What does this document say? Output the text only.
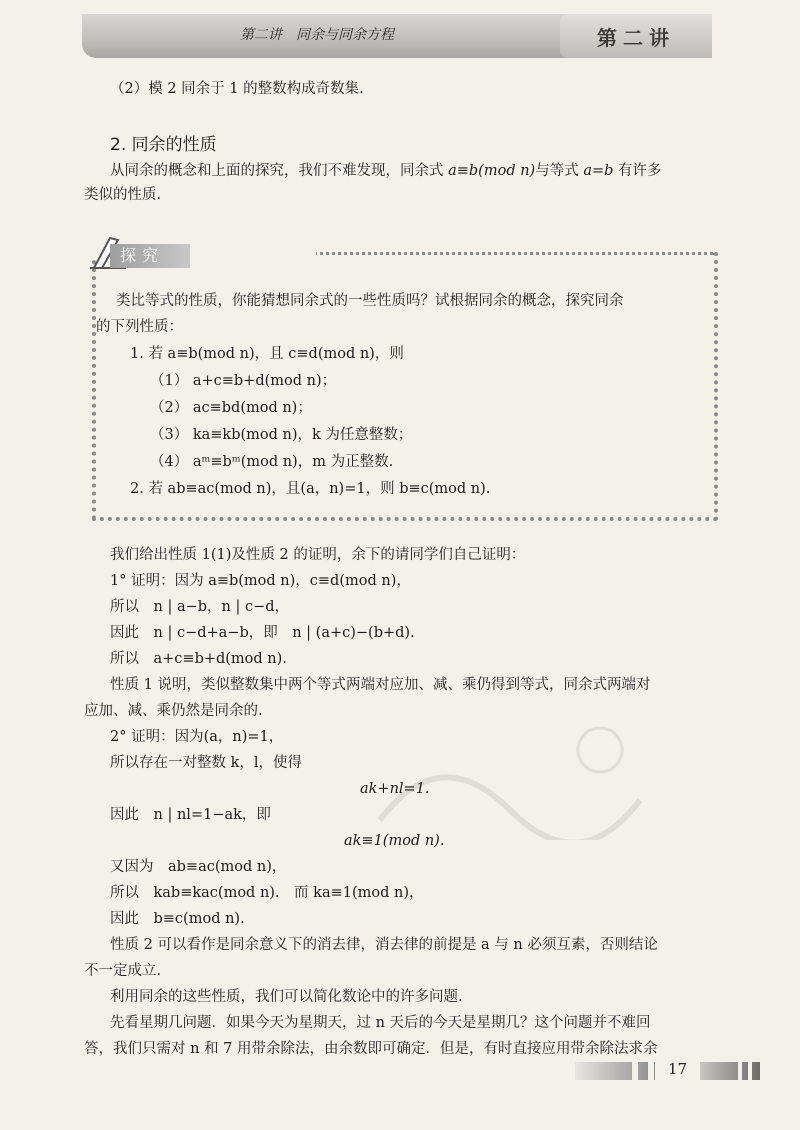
第二讲　同余与同余方程	第二讲
（2）模 2 同余于 1 的整数构成奇数集.
2. 同余的性质
从同余的概念和上面的探究，我们不难发现，同余式 a≡b(mod n)与等式 a=b 有许多
类似的性质.
探究
类比等式的性质，你能猜想同余式的一些性质吗？试根据同余的概念，探究同余
的下列性质：
1. 若 a≡b(mod n)，且 c≡d(mod n)，则
（1） a+c≡b+d(mod n)；
（2） ac≡bd(mod n)；
（3） ka≡kb(mod n)，k 为任意整数；
（4） aᵐ≡bᵐ(mod n)，m 为正整数.
2. 若 ab≡ac(mod n)，且(a，n)=1，则 b≡c(mod n).
我们给出性质 1(1)及性质 2 的证明，余下的请同学们自己证明：
1° 证明：因为 a≡b(mod n)，c≡d(mod n)，
所以　n | a−b，n | c−d，
因此　n | c−d+a−b，即　n | (a+c)−(b+d).
所以　a+c≡b+d(mod n).
性质 1 说明，类似整数集中两个等式两端对应加、减、乘仍得到等式，同余式两端对
应加、减、乘仍然是同余的.
2° 证明：因为(a，n)=1，
所以存在一对整数 k，l，使得
ak+nl=1.
因此　n | nl=1−ak，即
ak≡1(mod n).
又因为　ab≡ac(mod n)，
所以　kab≡kac(mod n).　而 ka≡1(mod n)，
因此　b≡c(mod n).
性质 2 可以看作是同余意义下的消去律，消去律的前提是 a 与 n 必须互素，否则结论
不一定成立.
利用同余的这些性质，我们可以简化数论中的许多问题.
先看星期几问题．如果今天为星期天，过 n 天后的今天是星期几？这个问题并不难回
答，我们只需对 n 和 7 用带余除法，由余数即可确定．但是，有时直接应用带余除法求余
17
